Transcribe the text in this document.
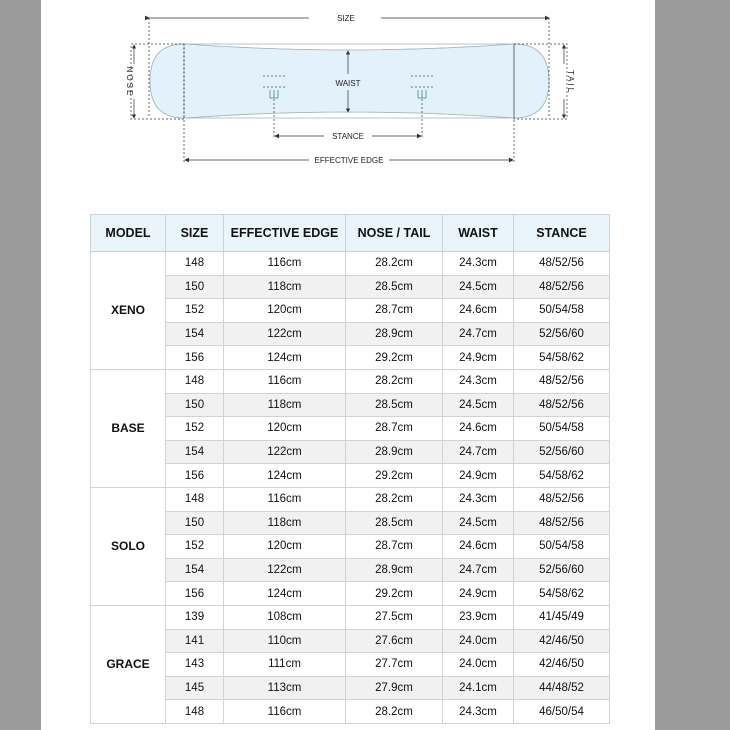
SIZE
NOSE	TAIL
WAIST
STANCE
EFFECTIVE EDGE
MODEL	SIZE	EFFECTIVE EDGE	NOSE / TAIL	WAIST	STANCE
XENO	148	116cm	28.2cm	24.3cm	48/52/56
	150	118cm	28.5cm	24.5cm	48/52/56
	152	120cm	28.7cm	24.6cm	50/54/58
	154	122cm	28.9cm	24.7cm	52/56/60
	156	124cm	29.2cm	24.9cm	54/58/62
BASE	148	116cm	28.2cm	24.3cm	48/52/56
	150	118cm	28.5cm	24.5cm	48/52/56
	152	120cm	28.7cm	24.6cm	50/54/58
	154	122cm	28.9cm	24.7cm	52/56/60
	156	124cm	29.2cm	24.9cm	54/58/62
SOLO	148	116cm	28.2cm	24.3cm	48/52/56
	150	118cm	28.5cm	24.5cm	48/52/56
	152	120cm	28.7cm	24.6cm	50/54/58
	154	122cm	28.9cm	24.7cm	52/56/60
	156	124cm	29.2cm	24.9cm	54/58/62
GRACE	139	108cm	27.5cm	23.9cm	41/45/49
	141	110cm	27.6cm	24.0cm	42/46/50
	143	111cm	27.7cm	24.0cm	42/46/50
	145	113cm	27.9cm	24.1cm	44/48/52
	148	116cm	28.2cm	24.3cm	46/50/54
